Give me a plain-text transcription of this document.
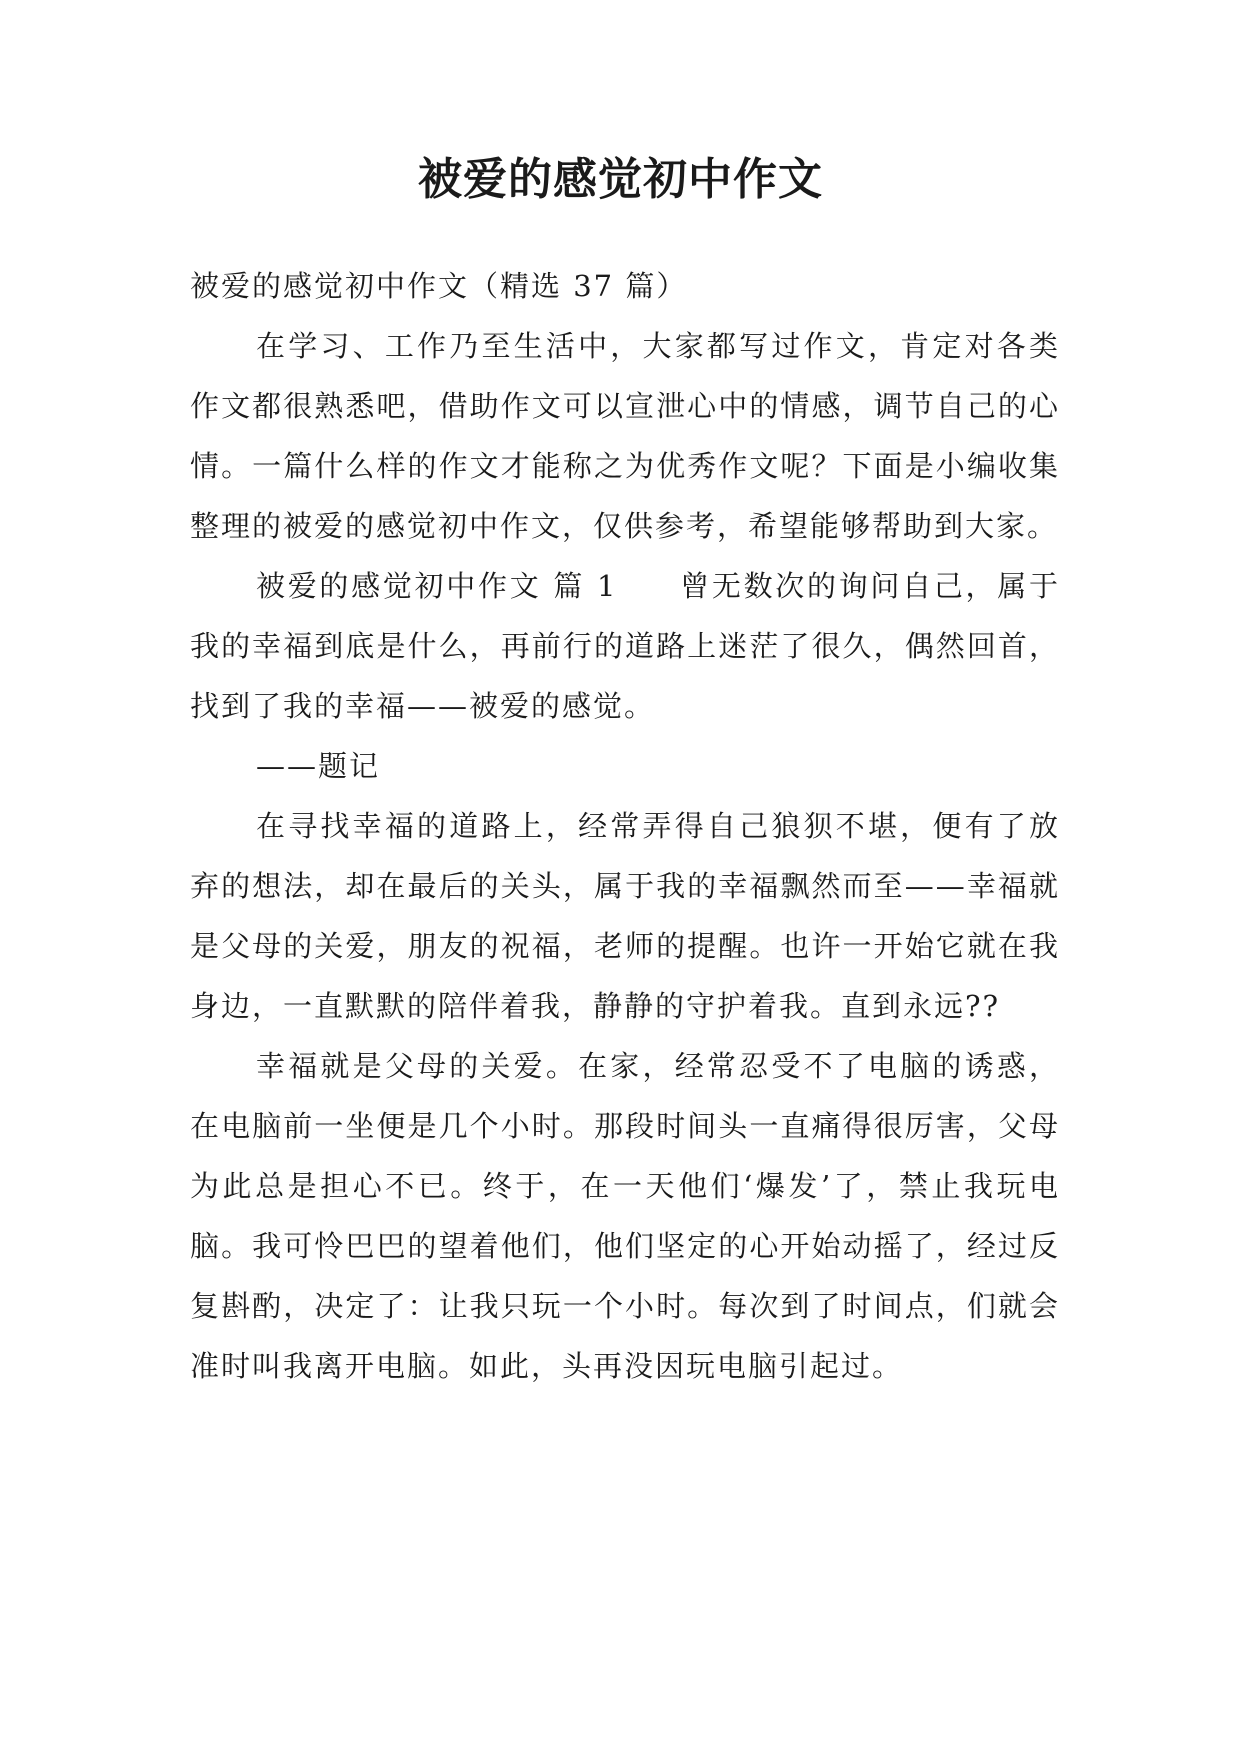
被爱的感觉初中作文

被爱的感觉初中作文（精选 37 篇）

在学习、工作乃至生活中，大家都写过作文，肯定对各类作文都很熟悉吧，借助作文可以宣泄心中的情感，调节自己的心情。一篇什么样的作文才能称之为优秀作文呢？下面是小编收集整理的被爱的感觉初中作文，仅供参考，希望能够帮助到大家。

被爱的感觉初中作文 篇 1 曾无数次的询问自己，属于我的幸福到底是什么，再前行的道路上迷茫了很久，偶然回首，找到了我的幸福——被爱的感觉。

——题记

在寻找幸福的道路上，经常弄得自己狼狈不堪，便有了放弃的想法，却在最后的关头，属于我的幸福飘然而至——幸福就是父母的关爱，朋友的祝福，老师的提醒。也许一开始它就在我身边，一直默默的陪伴着我，静静的守护着我。直到永远??

幸福就是父母的关爱。在家，经常忍受不了电脑的诱惑，在电脑前一坐便是几个小时。那段时间头一直痛得很厉害，父母为此总是担心不已。终于，在一天他们‘爆发’了，禁止我玩电脑。我可怜巴巴的望着他们，他们坚定的心开始动摇了，经过反复斟酌，决定了：让我只玩一个小时。每次到了时间点，们就会准时叫我离开电脑。如此，头再没因玩电脑引起过。
